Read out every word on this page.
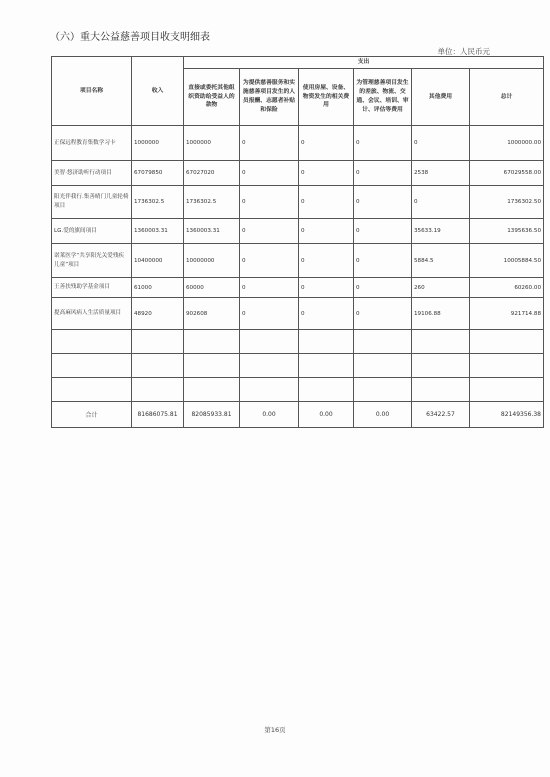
（六）重大公益慈善项目收支明细表
单位：人民币元
项目名称	收入	支出					
		直接或委托其他组织资助给受益人的款物	为提供慈善服务和实施慈善项目发生的人员报酬、志愿者补贴和保险	使用房屋、设备、物资发生的相关费用	为管理慈善项目发生的差旅、物流、交通、会议、培训、审计、评估等费用	其他费用	总计
正保远程教育集数学习卡	1000000	1000000	0	0	0	0	1000000.00
美智·悠济助听行动项目	67079850	67027020	0	0	0	2538	67029558.00
阳光伴我行.集善晴门儿童轮椅项目	1736302.5	1736302.5	0	0	0	0	1736302.50
LG.爱的旗间项目	1360003.31	1360003.31	0	0	0	35633.19	1395636.50
诺莱医学“共享阳光关爱残疾儿童”项目	10400000	10000000	0	0	0	5884.5	10005884.50
王善扶残助学基金项目	61000	60000	0	0	0	260	60260.00
提高麻风病人生活质量项目	48920	902608	0	0	0	19106.88	921714.88

合计	81686075.81	82085933.81	0.00	0.00	0.00	63422.57	82149356.38
第16页
